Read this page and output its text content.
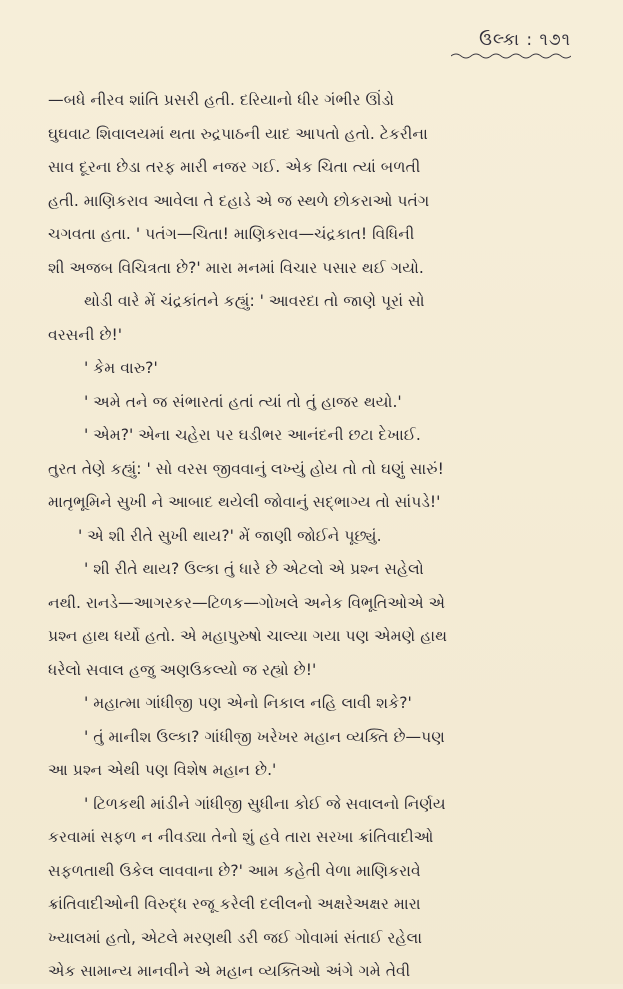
ઉલ્કા : ૧૭૧
—બધે નીરવ શાંતિ પ્રસરી હતી. દરિયાનો ધીર ગંભીર ઊંડો
ઘુઘવાટ શિવાલયમાં થતા રુદ્રપાઠની યાદ આપતો હતો. ટેકરીના
સાવ દૂરના છેડા તરફ મારી નજર ગઈ. એક ચિતા ત્યાં બળતી
હતી. માણિકરાવ આવેલા તે દહાડે એ જ સ્થળે છોકરાઓ પતંગ
ચગવતા હતા. ' પતંગ—ચિતા! માણિકરાવ—ચંદ્રકાત! વિધિની
શી અજબ વિચિત્રતા છે?' મારા મનમાં વિચાર પસાર થઈ ગયો.
થોડી વારે મેં ચંદ્રકાંતને કહ્યું: ' આવરદા તો જાણે પૂરાં સો
વરસની છે!'
' કેમ વારુ?'
' અમે તને જ સંભારતાં હતાં ત્યાં તો તું હાજર થયો.'
' એમ?' એના ચહેરા પર ઘડીભર આનંદની છટા દેખાઈ.
તુરત તેણે કહ્યું: ' સો વરસ જીવવાનું લખ્યું હોય તો તો ઘણું સારું!
માતૃભૂમિને સુખી ને આબાદ થયેલી જોવાનું સદ્ભાગ્ય તો સાંપડે!'
' એ શી રીતે સુખી થાય?' મેં જાણી જોઈને પૂછ્યું.
' શી રીતે થાય? ઉલ્કા તું ધારે છે એટલો એ પ્રશ્ન સહેલો
નથી. રાનડે—આગરકર—ટિળક—ગોખલે અનેક વિભૂતિઓએ એ
પ્રશ્ન હાથ ધર્યો હતો. એ મહાપુરુષો ચાલ્યા ગયા પણ એમણે હાથ
ધરેલો સવાલ હજુ અણઉકલ્યો જ રહ્યો છે!'
' મહાત્મા ગાંધીજી પણ એનો નિકાલ નહિ લાવી શકે?'
' તું માનીશ ઉલ્કા? ગાંધીજી ખરેખર મહાન વ્યક્તિ છે—પણ
આ પ્રશ્ન એથી પણ વિશેષ મહાન છે.'
' ટિળકથી માંડીને ગાંધીજી સુધીના કોઈ જે સવાલનો નિર્ણય
કરવામાં સફળ ન નીવડ્યા તેનો શું હવે તારા સરખા ક્રાંતિવાદીઓ
સફળતાથી ઉકેલ લાવવાના છે?' આમ કહેતી વેળા માણિકરાવે
ક્રાંતિવાદીઓની વિરુદ્ધ રજૂ કરેલી દલીલનો અક્ષરેઅક્ષર મારા
ખ્યાલમાં હતો, એટલે મરણથી ડરી જઈ ગોવામાં સંતાઈ રહેલા
એક સામાન્ય માનવીને એ મહાન વ્યક્તિઓ અંગે ગમે તેવી
